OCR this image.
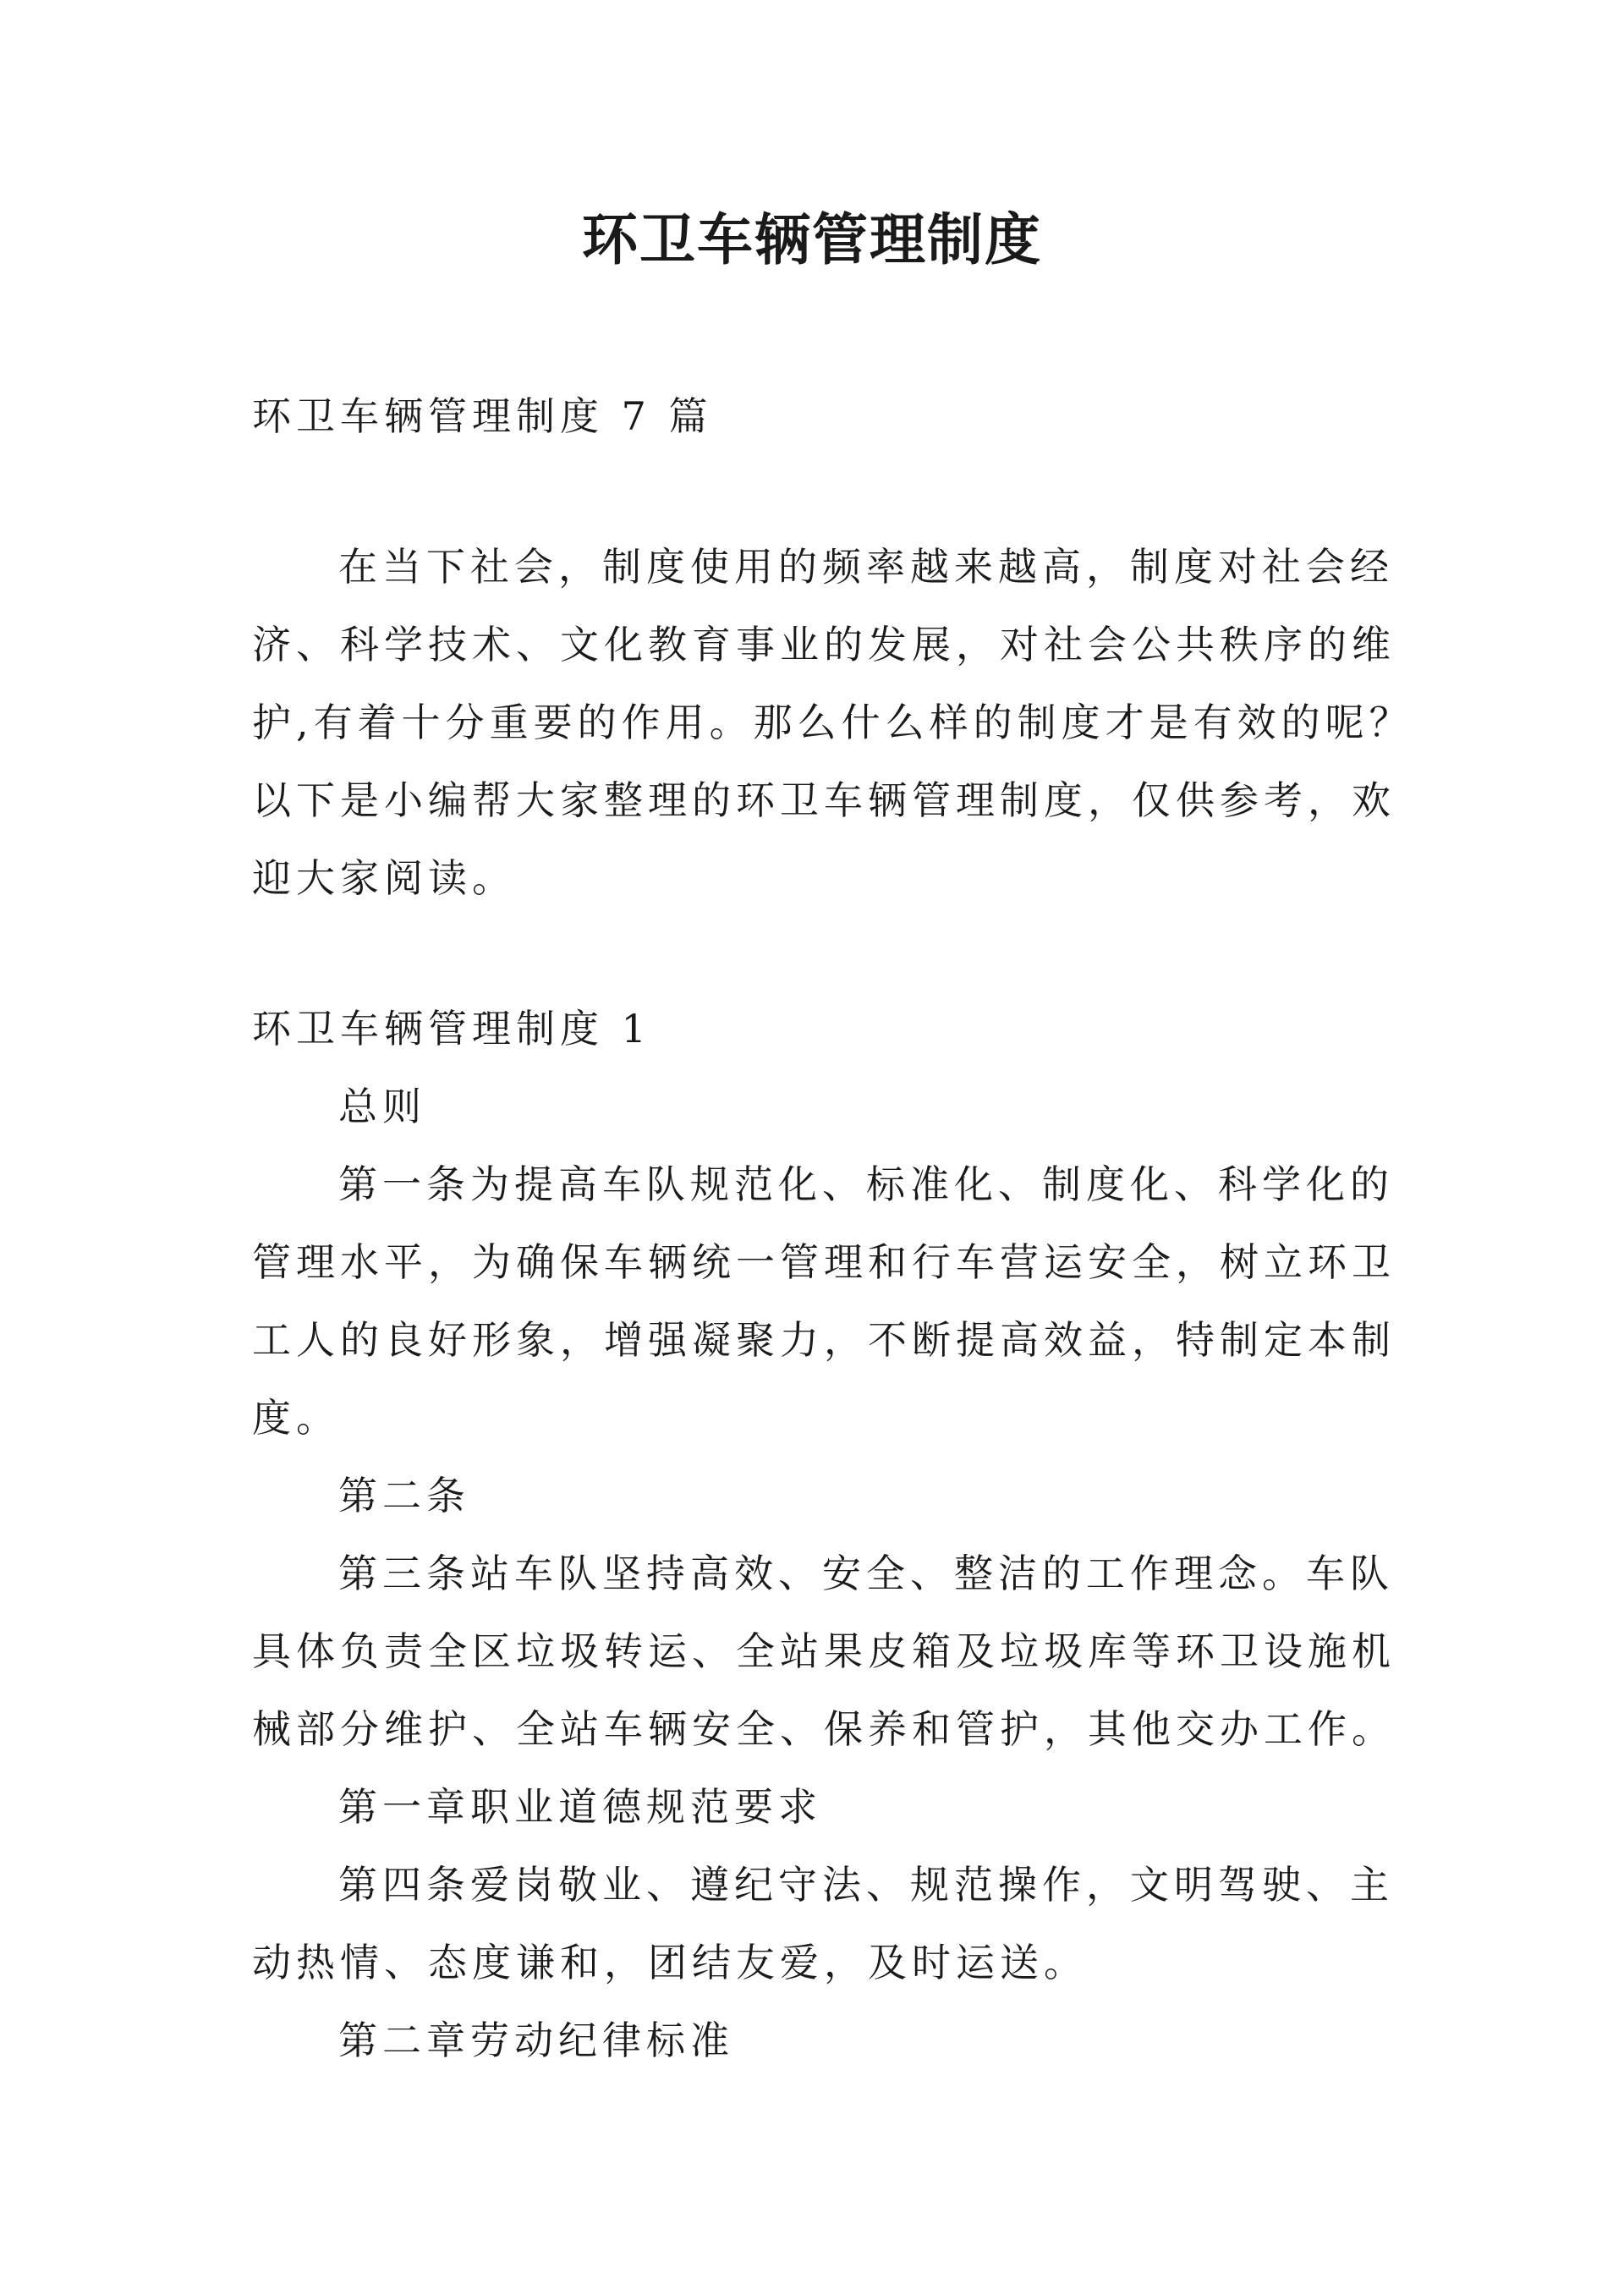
环卫车辆管理制度

环卫车辆管理制度 7 篇

在当下社会，制度使用的频率越来越高，制度对社会经

济、科学技术、文化教育事业的发展，对社会公共秩序的维

护,有着十分重要的作用。那么什么样的制度才是有效的呢？

以下是小编帮大家整理的环卫车辆管理制度，仅供参考，欢

迎大家阅读。

环卫车辆管理制度 1

总则

第一条为提高车队规范化、标准化、制度化、科学化的

管理水平，为确保车辆统一管理和行车营运安全，树立环卫

工人的良好形象，增强凝聚力，不断提高效益，特制定本制

度。

第二条

第三条站车队坚持高效、安全、整洁的工作理念。车队

具体负责全区垃圾转运、全站果皮箱及垃圾库等环卫设施机

械部分维护、全站车辆安全、保养和管护，其他交办工作。

第一章职业道德规范要求

第四条爱岗敬业、遵纪守法、规范操作，文明驾驶、主

动热情、态度谦和，团结友爱，及时运送。

第二章劳动纪律标准
